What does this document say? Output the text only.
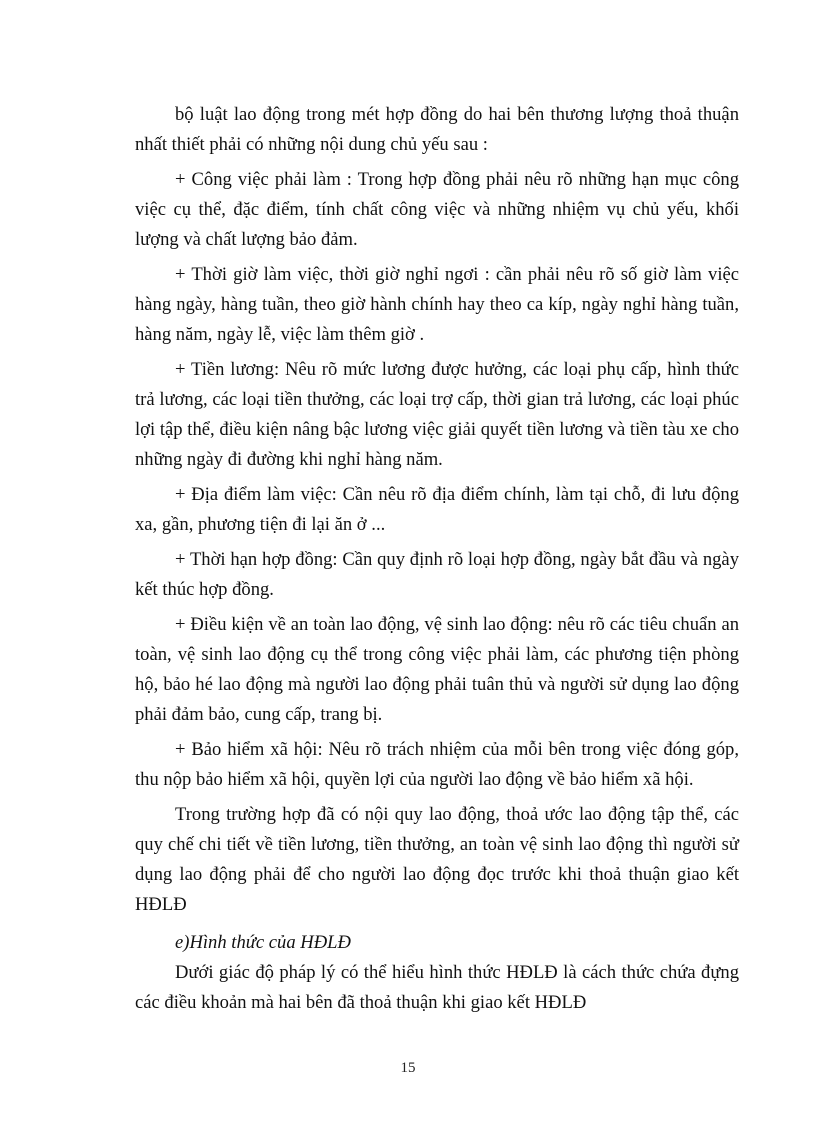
bộ luật lao động trong mét hợp đồng do hai bên thương lượng thoả thuận nhất thiết phải có những nội dung chủ yếu sau :

+ Công việc phải làm : Trong hợp đồng phải nêu rõ những hạn mục công việc cụ thể, đặc điểm, tính chất công việc và những nhiệm vụ chủ yếu, khối lượng và chất lượng bảo đảm.

+ Thời giờ làm việc, thời giờ nghỉ ngơi : cần phải nêu rõ số giờ làm việc hàng ngày, hàng tuần, theo giờ hành chính hay theo ca kíp, ngày nghỉ hàng tuần, hàng năm, ngày lễ, việc làm thêm giờ .

+ Tiền lương: Nêu rõ mức lương được hưởng, các loại phụ cấp, hình thức trả lương, các loại tiền thưởng, các loại trợ cấp, thời gian trả lương, các loại phúc lợi tập thể, điều kiện nâng bậc lương việc giải quyết tiền lương và tiền tàu xe cho những ngày đi đường khi nghỉ hàng năm.

+ Địa điểm làm việc: Cần nêu rõ địa điểm chính, làm tại chỗ, đi lưu động xa, gần, phương tiện đi lại ăn ở ...

+ Thời hạn hợp đồng: Cần quy định rõ loại hợp đồng, ngày bắt đầu và ngày kết thúc hợp đồng.

+ Điều kiện về an toàn lao động, vệ sinh lao động: nêu rõ các tiêu chuẩn an toàn, vệ sinh lao động cụ thể trong công việc phải làm, các phương tiện phòng hộ, bảo hé lao động mà người lao động phải tuân thủ và người sử dụng lao động phải đảm bảo, cung cấp, trang bị.

+ Bảo hiểm xã hội: Nêu rõ trách nhiệm của mỗi bên trong việc đóng góp, thu nộp bảo hiểm xã hội, quyền lợi của người lao động về bảo hiểm xã hội.

Trong trường hợp đã có nội quy lao động, thoả ước lao động tập thể, các quy chế chi tiết về tiền lương, tiền thưởng, an toàn vệ sinh lao động thì người sử dụng lao động phải để cho người lao động đọc trước khi thoả thuận giao kết HĐLĐ

e)Hình thức của HĐLĐ

Dưới giác độ pháp lý có thể hiểu hình thức HĐLĐ là cách thức chứa đựng các điều khoản mà hai bên đã thoả thuận khi giao kết HĐLĐ

15
